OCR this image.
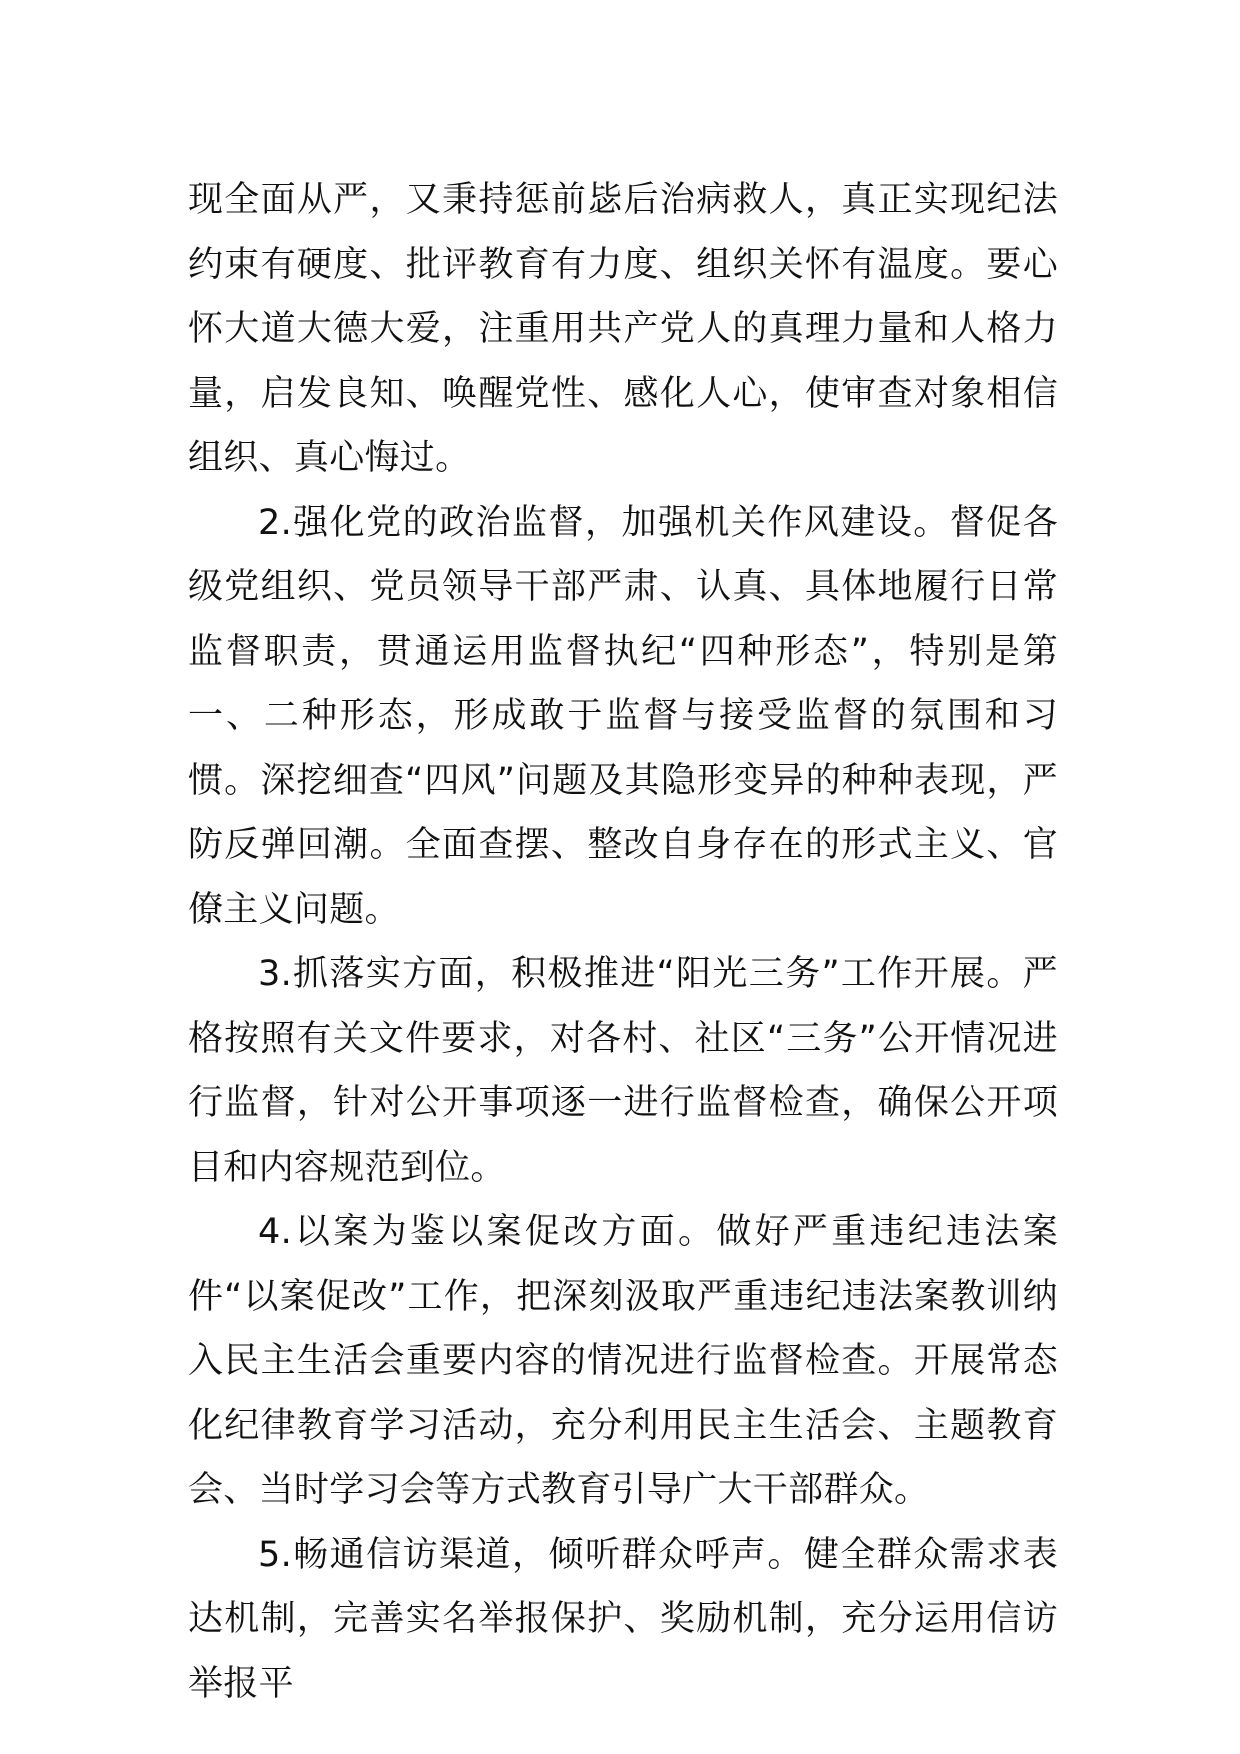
现全面从严，又秉持惩前毖后治病救人，真正实现纪法约束有硬度、批评教育有力度、组织关怀有温度。要心怀大道大德大爱，注重用共产党人的真理力量和人格力量，启发良知、唤醒党性、感化人心，使审查对象相信组织、真心悔过。

2.强化党的政治监督，加强机关作风建设。督促各级党组织、党员领导干部严肃、认真、具体地履行日常监督职责，贯通运用监督执纪“四种形态”，特别是第一、二种形态，形成敢于监督与接受监督的氛围和习惯。深挖细查“四风”问题及其隐形变异的种种表现，严防反弹回潮。全面查摆、整改自身存在的形式主义、官僚主义问题。

3.抓落实方面，积极推进“阳光三务”工作开展。严格按照有关文件要求，对各村、社区“三务”公开情况进行监督，针对公开事项逐一进行监督检查，确保公开项目和内容规范到位。

4.以案为鉴以案促改方面。做好严重违纪违法案件“以案促改”工作，把深刻汲取严重违纪违法案教训纳入民主生活会重要内容的情况进行监督检查。开展常态化纪律教育学习活动，充分利用民主生活会、主题教育会、当时学习会等方式教育引导广大干部群众。

5.畅通信访渠道，倾听群众呼声。健全群众需求表达机制，完善实名举报保护、奖励机制，充分运用信访举报平
